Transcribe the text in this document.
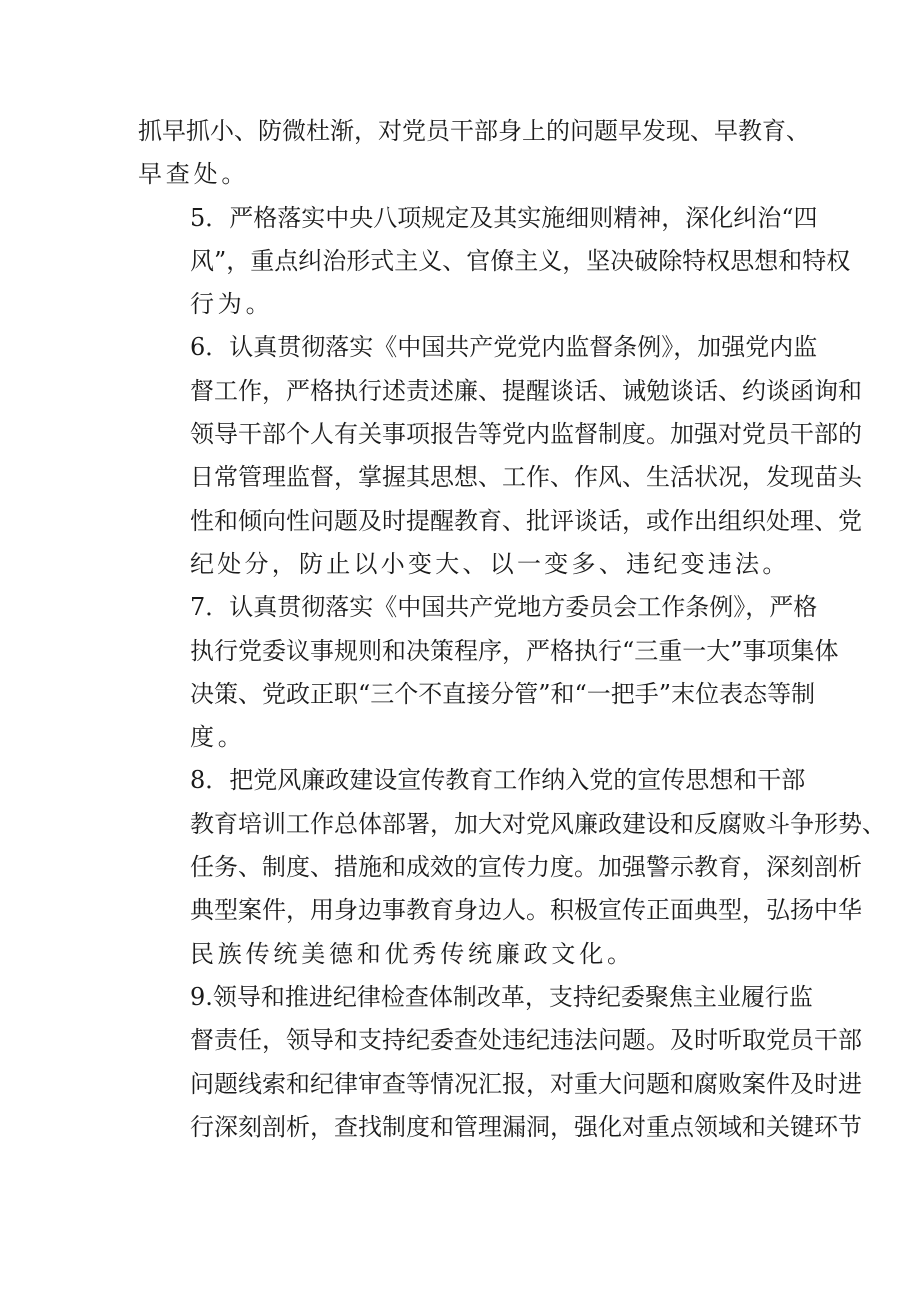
抓早抓小、防微杜渐，对党员干部身上的问题早发现、早教育、
早查处。

5．严格落实中央八项规定及其实施细则精神，深化纠治“四
风”，重点纠治形式主义、官僚主义，坚决破除特权思想和特权
行为。

6．认真贯彻落实《中国共产党党内监督条例》，加强党内监
督工作，严格执行述责述廉、提醒谈话、诫勉谈话、约谈函询和
领导干部个人有关事项报告等党内监督制度。加强对党员干部的
日常管理监督，掌握其思想、工作、作风、生活状况，发现苗头
性和倾向性问题及时提醒教育、批评谈话，或作出组织处理、党
纪处分，防止以小变大、以一变多、违纪变违法。

7．认真贯彻落实《中国共产党地方委员会工作条例》，严格
执行党委议事规则和决策程序，严格执行“三重一大”事项集体
决策、党政正职“三个不直接分管”和“一把手”末位表态等制
度。

8．把党风廉政建设宣传教育工作纳入党的宣传思想和干部
教育培训工作总体部署，加大对党风廉政建设和反腐败斗争形势、
任务、制度、措施和成效的宣传力度。加强警示教育，深刻剖析
典型案件，用身边事教育身边人。积极宣传正面典型，弘扬中华
民族传统美德和优秀传统廉政文化。

9.领导和推进纪律检查体制改革，支持纪委聚焦主业履行监
督责任，领导和支持纪委查处违纪违法问题。及时听取党员干部
问题线索和纪律审查等情况汇报，对重大问题和腐败案件及时进
行深刻剖析，查找制度和管理漏洞，强化对重点领域和关键环节
